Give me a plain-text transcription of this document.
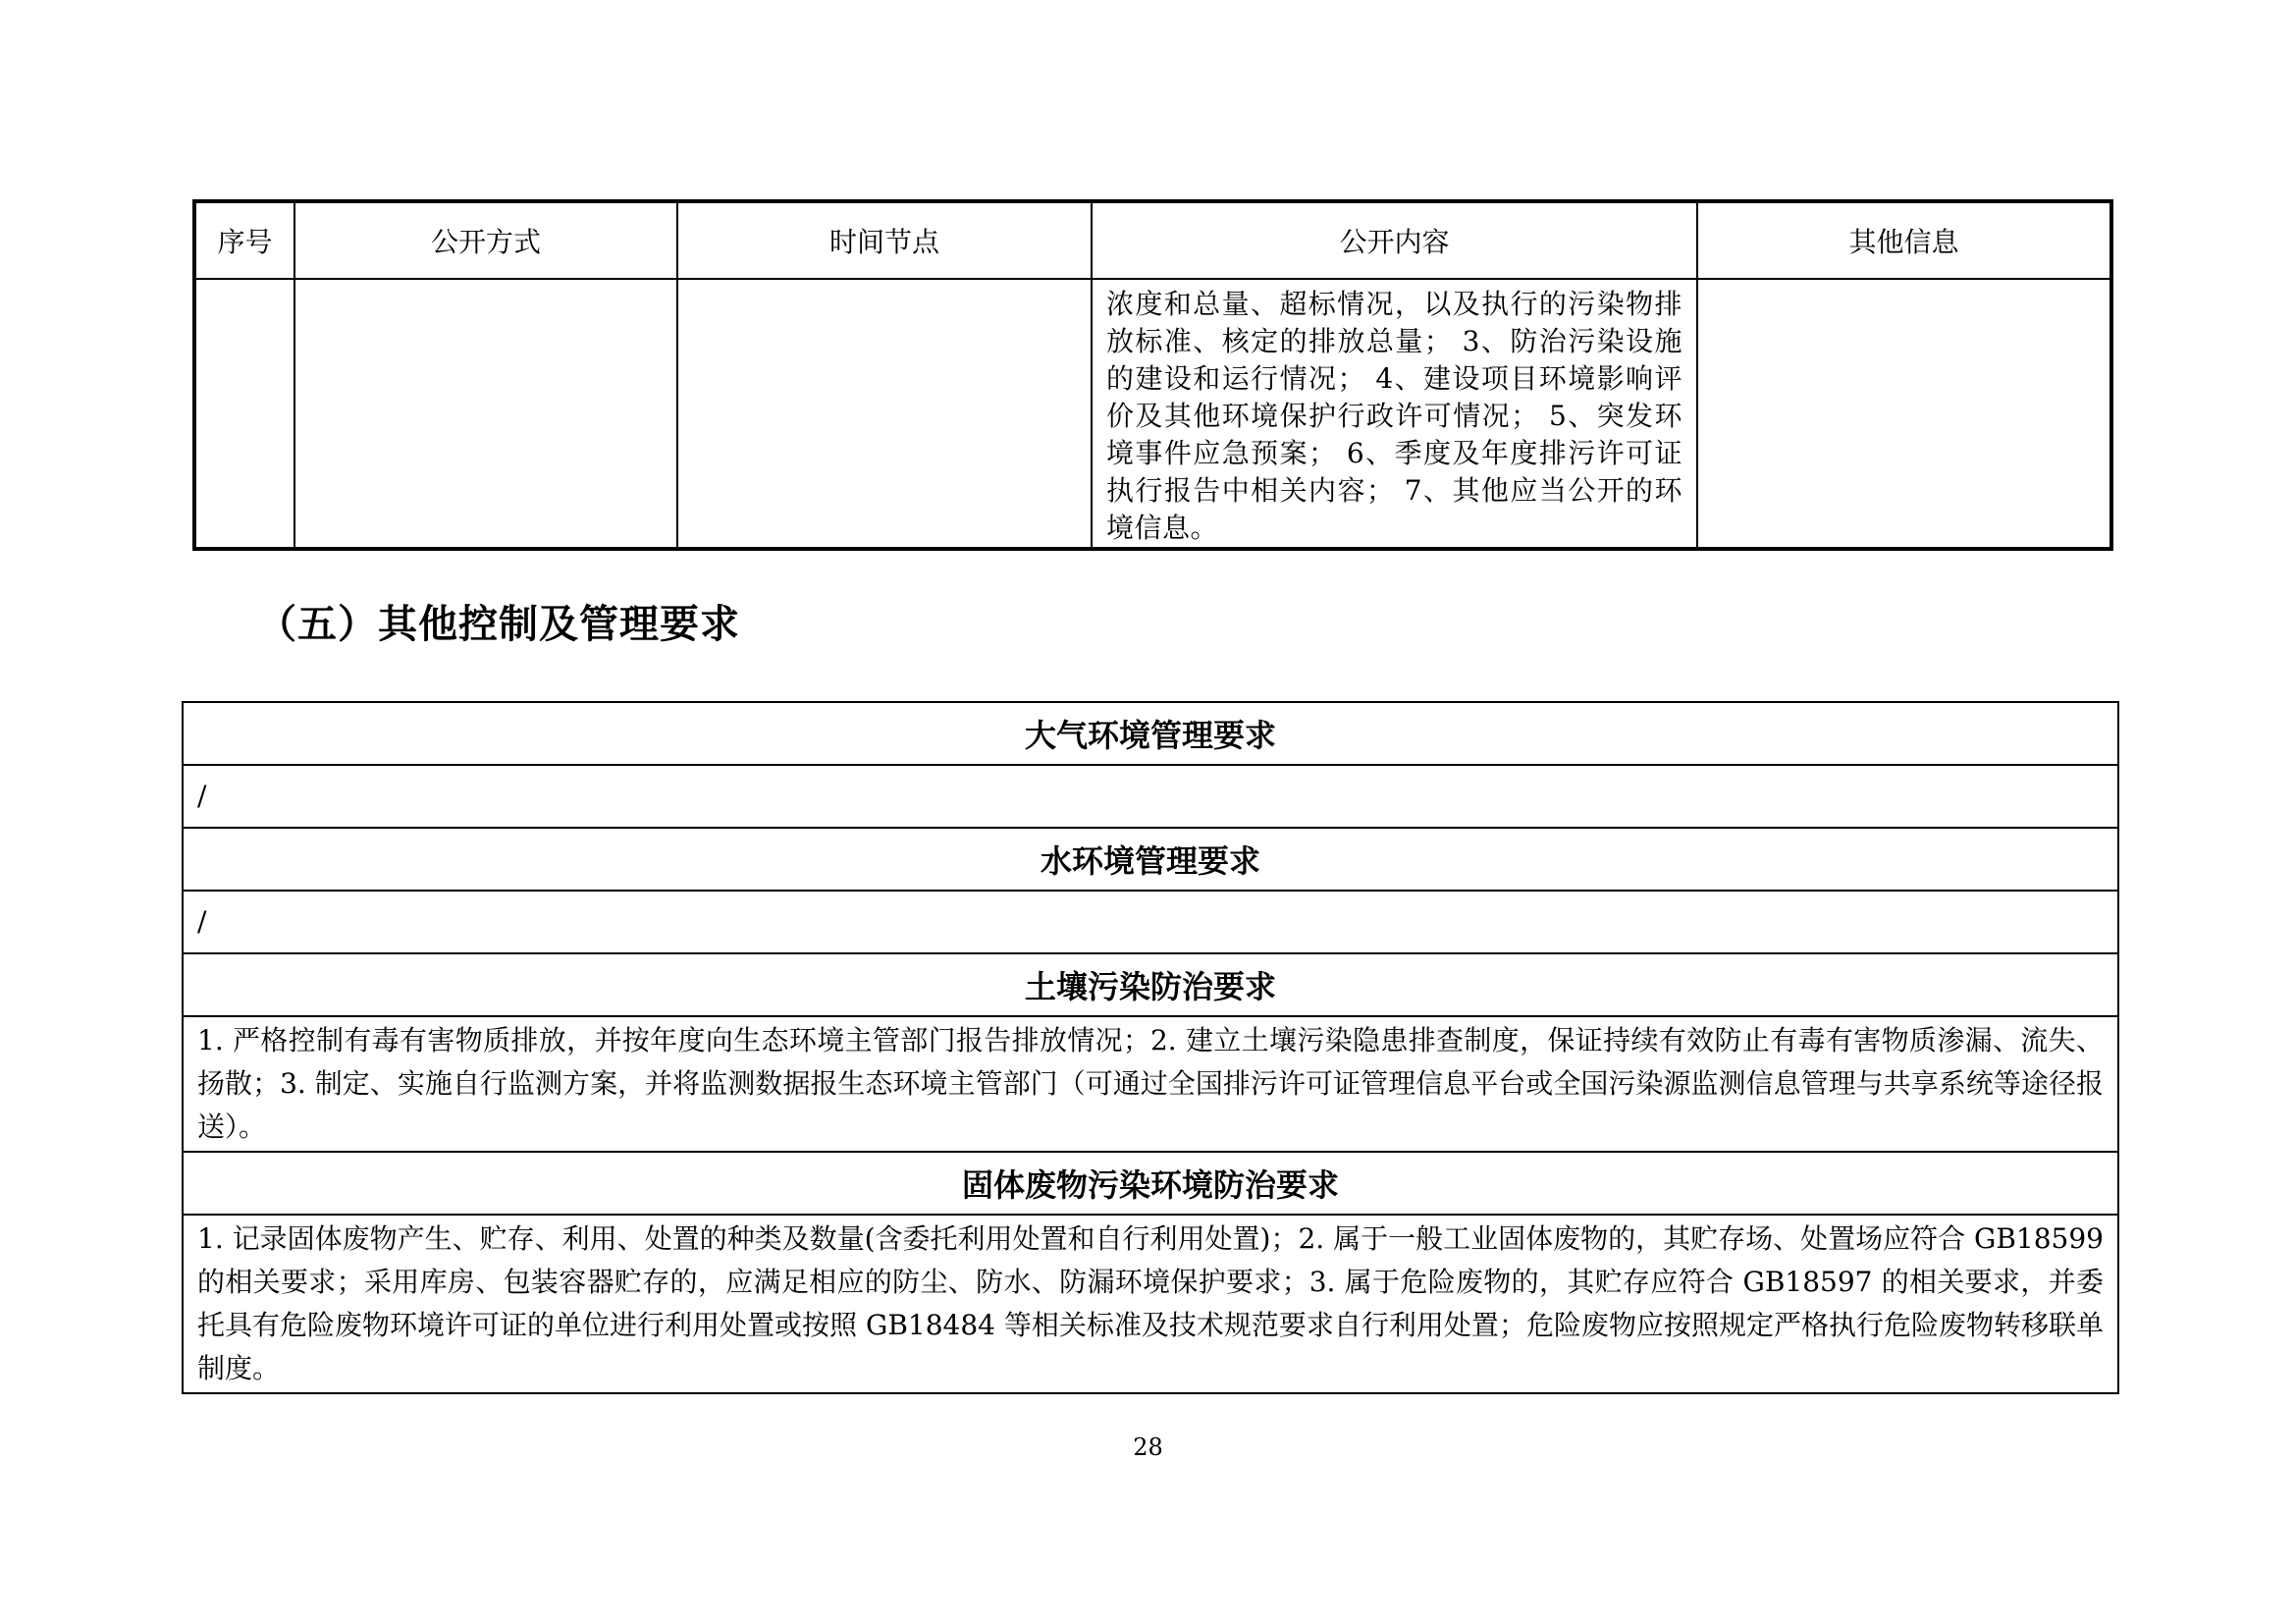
序号	公开方式	时间节点	公开内容	其他信息
			浓度和总量、超标情况，以及执行的污染物排放标准、核定的排放总量； 3、防治污染设施的建设和运行情况； 4、建设项目环境影响评价及其他环境保护行政许可情况； 5、突发环境事件应急预案； 6、季度及年度排污许可证执行报告中相关内容； 7、其他应当公开的环境信息。	
（五）其他控制及管理要求
大气环境管理要求
/
水环境管理要求
/
土壤污染防治要求
1. 严格控制有毒有害物质排放，并按年度向生态环境主管部门报告排放情况；2. 建立土壤污染隐患排查制度，保证持续有效防止有毒有害物质渗漏、流失、扬散；3. 制定、实施自行监测方案，并将监测数据报生态环境主管部门（可通过全国排污许可证管理信息平台或全国污染源监测信息管理与共享系统等途径报送）。
固体废物污染环境防治要求
1. 记录固体废物产生、贮存、利用、处置的种类及数量(含委托利用处置和自行利用处置)；2. 属于一般工业固体废物的，其贮存场、处置场应符合 GB18599 的相关要求；采用库房、包装容器贮存的，应满足相应的防尘、防水、防漏环境保护要求；3. 属于危险废物的，其贮存应符合 GB18597 的相关要求，并委托具有危险废物环境许可证的单位进行利用处置或按照 GB18484 等相关标准及技术规范要求自行利用处置；危险废物应按照规定严格执行危险废物转移联单制度。

28
